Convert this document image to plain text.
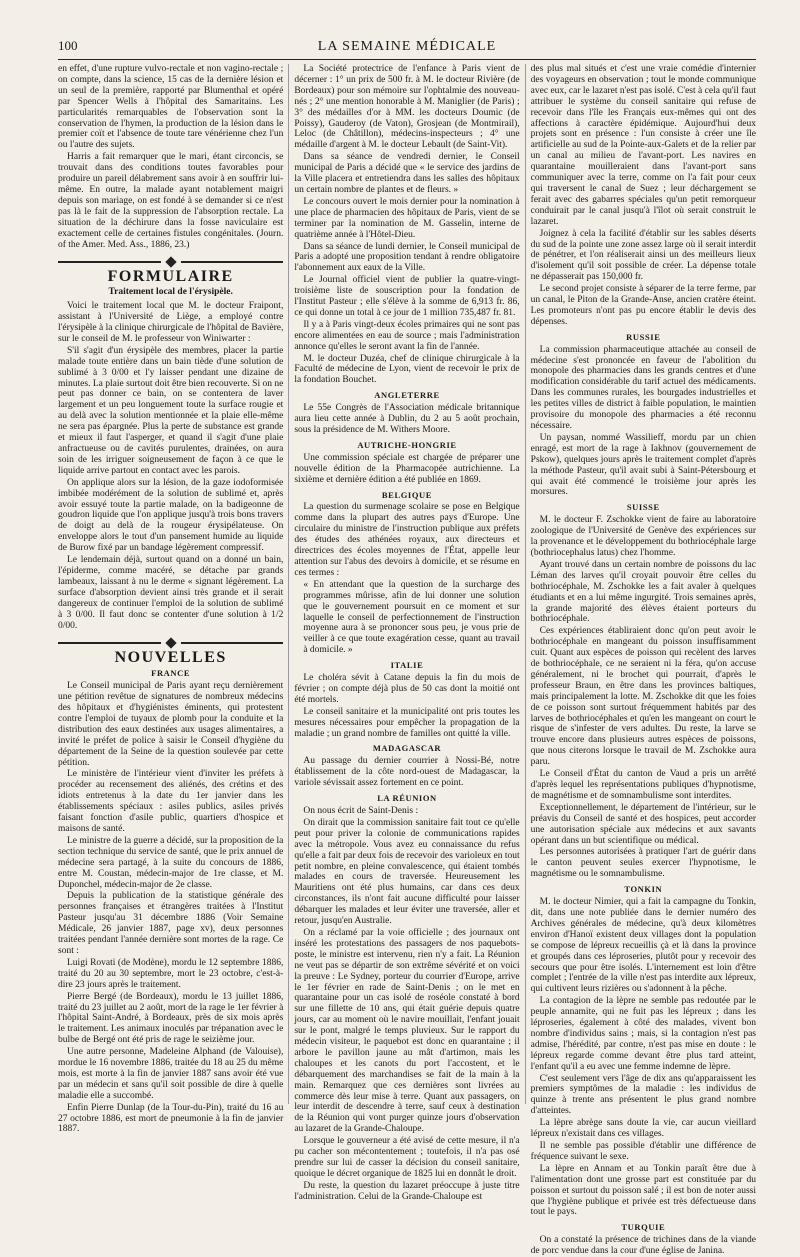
100	LA SEMAINE MÉDICALE

en effet, d'une rupture vulvo-rectale et non vagino-rectale ; on compte, dans la science, 15 cas de la dernière lésion et un seul de la première, rapporté par Blumenthal et opéré par Spencer Wells à l'hôpital des Samaritains. Les particularités remarquables de l'observation sont la conservation de l'hymen, la production de la lésion dans le premier coït et l'absence de toute tare vénérienne chez l'un ou l'autre des sujets.

Harris a fait remarquer que le mari, étant circoncis, se trouvait dans des conditions toutes favorables pour produire un pareil délabrement sans avoir à en souffrir lui-même. En outre, la malade ayant notablement maigri depuis son mariage, on est fondé à se demander si ce n'est pas là le fait de la suppression de l'absorption rectale. La situation de la déchirure dans la fosse naviculaire est exactement celle de certaines fistules congénitales. (Journ. of the Amer. Med. Ass., 1886, 23.)

FORMULAIRE
Traitement local de l'érysipèle.

Voici le traitement local que M. le docteur Fraipont, assistant à l'Université de Liège, a employé contre l'érysipèle à la clinique chirurgicale de l'hôpital de Bavière, sur le conseil de M. le professeur von Winiwarter :

S'il s'agit d'un érysipèle des membres, placer la partie malade toute entière dans un bain tiède d'une solution de sublimé à 3 0/00 et l'y laisser pendant une dizaine de minutes. La plaie surtout doit être bien recouverte. Si on ne peut pas donner ce bain, on se contentera de laver largement et un peu longuement toute la surface rougie et au delà avec la solution mentionnée et la plaie elle-même ne sera pas épargnée. Plus la perte de substance est grande et mieux il faut l'asperger, et quand il s'agit d'une plaie anfractueuse ou de cavités purulentes, drainées, on aura soin de les irriguer soigneusement de façon à ce que le liquide arrive partout en contact avec les parois.

On applique alors sur la lésion, de la gaze iodoformisée imbibée modérément de la solution de sublimé et, après avoir essuyé toute la partie malade, on la badigeonne de goudron liquide que l'on applique jusqu'à trois bons travers de doigt au delà de la rougeur érysipélateuse. On enveloppe alors le tout d'un pansement humide au liquide de Burow fixé par un bandage légèrement compressif.

Le lendemain déjà, surtout quand on a donné un bain, l'épiderme, comme macéré, se détache par grands lambeaux, laissant à nu le derme « signant légèrement. La surface d'absorption devient ainsi très grande et il serait dangereux de continuer l'emploi de la solution de sublimé à 3 0/00. Il faut donc se contenter d'une solution à 1/2 0/00.

NOUVELLES
FRANCE

Le Conseil municipal de Paris ayant reçu dernièrement une pétition revêtue de signatures de nombreux médecins des hôpitaux et d'hygiénistes éminents, qui protestent contre l'emploi de tuyaux de plomb pour la conduite et la distribution des eaux destinées aux usages alimentaires, a invité le préfet de police à saisir le Conseil d'hygiène du département de la Seine de la question soulevée par cette pétition.

Le ministère de l'intérieur vient d'inviter les préfets à procéder au recensement des aliénés, des crétins et des idiots entretenus à la date du 1er janvier dans les établissements spéciaux : asiles publics, asiles privés faisant fonction d'asile public, quartiers d'hospice et maisons de santé.

Le ministre de la guerre a décidé, sur la proposition de la section technique du service de santé, que le prix annuel de médecine sera partagé, à la suite du concours de 1886, entre M. Coustan, médecin-major de 1re classe, et M. Duponchel, médecin-major de 2e classe.

Depuis la publication de la statistique générale des personnes françaises et étrangères traitées à l'Institut Pasteur jusqu'au 31 décembre 1886 (Voir Semaine Médicale, 26 janvier 1887, page xv), deux personnes traitées pendant l'année dernière sont mortes de la rage. Ce sont :

Luigi Rovati (de Modène), mordu le 12 septembre 1886, traité du 20 au 30 septembre, mort le 23 octobre, c'est-à-dire 23 jours après le traitement.

Pierre Bergé (de Bordeaux), mordu le 13 juillet 1886, traité du 23 juillet au 2 août, mort de la rage le 1er février à l'hôpital Saint-André, à Bordeaux, près de six mois après le traitement. Les animaux inoculés par trépanation avec le bulbe de Bergé ont été pris de rage le seizième jour.

Une autre personne, Madeleine Alphand (de Valouise), mordue le 16 novembre 1886, traitée du 18 au 25 du même mois, est morte à la fin de janvier 1887 sans avoir été vue par un médecin et sans qu'il soit possible de dire à quelle maladie elle a succombé.

Enfin Pierre Dunlap (de la Tour-du-Pin), traité du 16 au 27 octobre 1886, est mort de pneumonie à la fin de janvier 1887.

La Société protectrice de l'enfance à Paris vient de décerner : 1° un prix de 500 fr. à M. le docteur Rivière (de Bordeaux) pour son mémoire sur l'ophtalmie des nouveau-nés ; 2° une mention honorable à M. Maniglier (de Paris) ; 3° des médailles d'or à MM. les docteurs Doumic (de Poissy), Gauderoy (de Vaton), Grosjean (de Montmirail), Leloc (de Châtillon), médecins-inspecteurs ; 4° une médaille d'argent à M. le docteur Lebault (de Saint-Vit).

Dans sa séance de vendredi dernier, le Conseil municipal de Paris a décidé que « le service des jardins de la Ville placera et entretiendra dans les salles des hôpitaux un certain nombre de plantes et de fleurs. »

Le concours ouvert le mois dernier pour la nomination à une place de pharmacien des hôpitaux de Paris, vient de se terminer par la nomination de M. Gasselin, interne de quatrième année à l'Hôtel-Dieu.

Dans sa séance de lundi dernier, le Conseil municipal de Paris a adopté une proposition tendant à rendre obligatoire l'abonnement aux eaux de la Ville.

Le Journal officiel vient de publier la quatre-vingt-troisième liste de souscription pour la fondation de l'Institut Pasteur ; elle s'élève à la somme de 6,913 fr. 86, ce qui donne un total à ce jour de 1 million 735,487 fr. 81.

Il y a à Paris vingt-deux écoles primaires qui ne sont pas encore alimentées en eau de source ; mais l'administration annonce qu'elles le seront avant la fin de l'année.

M. le docteur Duzéa, chef de clinique chirurgicale à la Faculté de médecine de Lyon, vient de recevoir le prix de la fondation Bouchet.

ANGLETERRE

Le 55e Congrès de l'Association médicale britannique aura lieu cette année à Dublin, du 2 au 5 août prochain, sous la présidence de M. Withers Moore.

AUTRICHE-HONGRIE

Une commission spéciale est chargée de préparer une nouvelle édition de la Pharmacopée autrichienne. La sixième et dernière édition a été publiée en 1869.

BELGIQUE

La question du surmenage scolaire se pose en Belgique comme dans la plupart des autres pays d'Europe. Une circulaire du ministre de l'instruction publique aux préfets des études des athénées royaux, aux directeurs et directrices des écoles moyennes de l'État, appelle leur attention sur l'abus des devoirs à domicile, et se résume en ces termes :

« En attendant que la question de la surcharge des programmes mûrisse, afin de lui donner une solution que le gouvernement poursuit en ce moment et sur laquelle le conseil de perfectionnement de l'instruction moyenne aura à se prononcer sous peu, je vous prie de veiller à ce que toute exagération cesse, quant au travail à domicile. »

ITALIE

Le choléra sévit à Catane depuis la fin du mois de février ; on compte déjà plus de 50 cas dont la moitié ont été mortels.

Le conseil sanitaire et la municipalité ont pris toutes les mesures nécessaires pour empêcher la propagation de la maladie ; un grand nombre de familles ont quitté la ville.

MADAGASCAR

Au passage du dernier courrier à Nossi-Bé, notre établissement de la côte nord-ouest de Madagascar, la variole sévissait assez fortement en ce point.

LA RÉUNION

On nous écrit de Saint-Denis :

On dirait que la commission sanitaire fait tout ce qu'elle peut pour priver la colonie de communications rapides avec la métropole. Vous avez eu connaissance du refus qu'elle a fait par deux fois de recevoir des varioleux en tout petit nombre, en pleine convalescence, qui étaient tombés malades en cours de traversée. Heureusement les Mauritiens ont été plus humains, car dans ces deux circonstances, ils n'ont fait aucune difficulté pour laisser débarquer les malades et leur éviter une traversée, aller et retour, jusqu'en Australie.

On a réclamé par la voie officielle ; des journaux ont inséré les protestations des passagers de nos paquebots-poste, le ministre est intervenu, rien n'y a fait. La Réunion ne veut pas se départir de son extrême sévérité et on voici la preuve : Le Sydney, porteur du courrier d'Europe, arrive le 1er février en rade de Saint-Denis ; on le met en quarantaine pour un cas isolé de roséole constaté à bord sur une fillette de 10 ans, qui était guérie depuis quatre jours, car au moment où le navire mouillait, l'enfant jouait sur le pont, malgré le temps pluvieux. Sur le rapport du médecin visiteur, le paquebot est donc en quarantaine ; il arbore le pavillon jaune au mât d'artimon, mais les chaloupes et les canots du port l'accostent, et le débarquement des marchandises se fait de la main à la main. Remarquez que ces dernières sont livrées au commerce dès leur mise à terre. Quant aux passagers, on leur interdit de descendre à terre, sauf ceux à destination de la Réunion qui vont purger quinze jours d'observation au lazaret de la Grande-Chaloupe.

Lorsque le gouverneur a été avisé de cette mesure, il n'a pu cacher son mécontentement ; toutefois, il n'a pas osé prendre sur lui de casser la décision du conseil sanitaire, quoique le décret organique de 1825 lui en donnât le droit.

Du reste, la question du lazaret préoccupe à juste titre l'administration. Celui de la Grande-Chaloupe est

des plus mal situés et c'est une vraie comédie d'internier des voyageurs en observation ; tout le monde communique avec eux, car le lazaret n'est pas isolé. C'est à cela qu'il faut attribuer le système du conseil sanitaire qui refuse de recevoir dans l'île les Français eux-mêmes qui ont des affections à caractère épidémique. Aujourd'hui deux projets sont en présence : l'un consiste à créer une île artificielle au sud de la Pointe-aux-Galets et de la relier par un canal au milieu de l'avant-port. Les navires en quarantaine mouilleraient dans l'avant-port sans communiquer avec la terre, comme on l'a fait pour ceux qui traversent le canal de Suez ; leur déchargement se ferait avec des gabarres spéciales qu'un petit remorqueur conduirait par le canal jusqu'à l'îlot où serait construit le lazaret.

Joignez à cela la facilité d'établir sur les sables déserts du sud de la pointe une zone assez large où il serait interdit de pénétrer, et l'on réaliserait ainsi un des meilleurs lieux d'isolement qu'il soit possible de créer. La dépense totale ne dépasserait pas 150,000 fr.

Le second projet consiste à séparer de la terre ferme, par un canal, le Piton de la Grande-Anse, ancien cratère éteint. Les promoteurs n'ont pas pu encore établir le devis des dépenses.

RUSSIE

La commission pharmaceutique attachée au conseil de médecine s'est prononcée en faveur de l'abolition du monopole des pharmacies dans les grands centres et d'une modification considérable du tarif actuel des médicaments. Dans les communes rurales, les bourgades industrielles et les petites villes de district à faible population, le maintien provisoire du monopole des pharmacies a été reconnu nécessaire.

Un paysan, nommé Wassilieff, mordu par un chien enragé, est mort de la rage à Iakhnov (gouvernement de Pskow), quelques jours après le traitement complet d'après la méthode Pasteur, qu'il avait subi à Saint-Pétersbourg et qui avait été commencé le troisième jour après les morsures.

SUISSE

M. le docteur F. Zschokke vient de faire au laboratoire zoologique de l'Université de Genève des expériences sur la provenance et le développement du bothriocéphale large (bothriocephalus latus) chez l'homme.

Ayant trouvé dans un certain nombre de poissons du lac Léman des larves qu'il croyait pouvoir être celles du bothriocéphale, M. Zschokke les a fait avaler à quelques étudiants et en a lui même ingurgité. Trois semaines après, la grande majorité des élèves étaient porteurs du bothriocéphale.

Ces expériences établiraient donc qu'on peut avoir le bothriocéphale en mangeant du poisson insuffisamment cuit. Quant aux espèces de poisson qui recèlent des larves de bothriocéphale, ce ne seraient ni la féra, qu'on accuse généralement, ni le brochet qui pourrait, d'après le professeur Braun, en être dans les provinces baltiques, mais principalement la lotte. M. Zschokke dit que les foies de ce poisson sont surtout fréquemment habités par des larves de bothriocéphales et qu'en les mangeant on court le risque de s'infester de vers adultes. Du reste, la larve se trouve encore dans plusieurs autres espèces de poissons, que nous citerons lorsque le travail de M. Zschokke aura paru.

Le Conseil d'État du canton de Vaud a pris un arrêté d'après lequel les représentations publiques d'hypnotisme, de magnétisme et de somnambulisme sont interdites.

Exceptionnellement, le département de l'intérieur, sur le préavis du Conseil de santé et des hospices, peut accorder une autorisation spéciale aux médecins et aux savants opérant dans un but scientifique ou médical.

Les personnes autorisées à pratiquer l'art de guérir dans le canton peuvent seules exercer l'hypnotisme, le magnétisme ou le somnambulisme.

TONKIN

M. le docteur Nimier, qui a fait la campagne du Tonkin, dit, dans une note publiée dans le dernier numéro des Archives générales de médecine, qu'à deux kilomètres environ d'Hanoï existent deux villages dont la population se compose de lépreux recueillis çà et là dans la province et groupés dans ces léproseries, plutôt pour y recevoir des secours que pour être isolés. L'internement est loin d'être complet ; l'entrée de la ville n'est pas interdite aux lépreux, qui cultivent leurs rizières ou s'adonnent à la pêche.

La contagion de la lèpre ne semble pas redoutée par le peuple annamite, qui ne fuit pas les lépreux ; dans les léproseries, également à côté des malades, vivent bon nombre d'individus sains ; mais, si la contagion n'est pas admise, l'hérédité, par contre, n'est pas mise en doute : le lépreux regarde comme devant être plus tard atteint, l'enfant qu'il a eu avec une femme indemne de lèpre.

C'est seulement vers l'âge de dix ans qu'apparaissent les premiers symptômes de la maladie : les individus de quinze à trente ans présentent le plus grand nombre d'atteintes.

La lèpre abrège sans doute la vie, car aucun vieillard lépreux n'existait dans ces villages.

Il ne semble pas possible d'établir une différence de fréquence suivant le sexe.

La lèpre en Annam et au Tonkin paraît être due à l'alimentation dont une grosse part est constituée par du poisson et surtout du poisson salé ; il est bon de noter aussi que l'hygiène publique et privée est très défectueuse dans tout le pays.

TURQUIE

On a constaté la présence de trichines dans de la viande de porc vendue dans la cour d'une église de Janina.
